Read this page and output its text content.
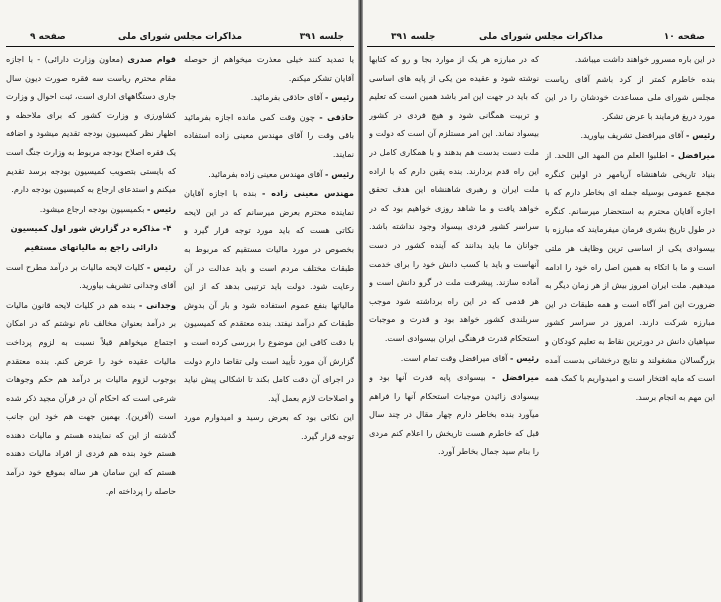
جلسه ۳۹۱
مذاکرات مجلس شورای ملی
صفحه ۹

یا تمدید کنند خیلی معذرت میخواهم از حوصله آقایان تشکر میکنم.

رئیس - آقای حاذقی بفرمائید.

حاذقی - چون وقت کمی مانده اجازه بفرمائید باقی وقت را آقای مهندس معینی زاده استفاده نمایند.

رئیس - آقای مهندس معینی زاده بفرمائید.

مهندس معینی زاده - بنده با اجازه آقایان نماینده محترم بعرض میرسانم که در این لایحه نکاتی هست که باید مورد توجه قرار گیرد و بخصوص در مورد مالیات مستقیم که مربوط به طبقات مختلف مردم است و باید عدالت در آن رعایت شود. دولت باید ترتیبی بدهد که از این مالیاتها بنفع عموم استفاده شود و بار آن بدوش طبقات کم درآمد نیفتد. بنده معتقدم که کمیسیون با دقت کافی این موضوع را بررسی کرده است و گزارش آن مورد تأیید است ولی تقاضا دارم دولت در اجرای آن دقت کامل بکند تا اشکالی پیش نیاید و اصلاحات لازم بعمل آید.

این نکاتی بود که بعرض رسید و امیدوارم مورد توجه قرار گیرد.

قوام صدری (معاون وزارت دارائی) - با اجازه مقام محترم ریاست سه فقره صورت دیون سال جاری دستگاههای اداری است، ثبت احوال و وزارت کشاورزی و وزارت کشور که برای ملاحظه و اظهار نظر کمیسیون بودجه تقدیم میشود و اضافه یک فقره اصلاح بودجه مربوط به وزارت جنگ است که بایستی بتصویب کمیسیون بودجه برسد تقدیم میکنم و استدعای ارجاع به کمیسیون بودجه دارم.

رئیس - بکمیسیون بودجه ارجاع میشود.

۴- مذاکره در گزارش شور اول کمیسیون دارائی راجع به مالیاتهای مستقیم

رئیس - کلیات لایحه مالیات بر درآمد مطرح است آقای وجدانی تشریف بیاورید.

وجدانی - بنده هم در کلیات لایحه قانون مالیات بر درآمد بعنوان مخالف نام نوشتم که در امکان اجتماع میخواهم قبلاً نسبت به لزوم پرداخت مالیات عقیده خود را عرض کنم. بنده معتقدم بوجوب لزوم مالیات بر درآمد هم حکم وجوهات شرعی است که احکام آن در قرآن مجید ذکر شده است (آفرین). بهمین جهت هم خود این جانب گذشته از این که نماینده هستم و مالیات دهنده هستم خود بنده هم فردی از افراد مالیات دهنده هستم که این سامان هر ساله بموقع خود درآمد حاصله را پرداخته ام.

صفحه ۱۰
مذاکرات مجلس شورای ملی
جلسه ۳۹۱

در این باره مسرور خواهند داشت میباشد.

بنده خاطرم کمتر از کرد باشم آقای ریاست مجلس شورای ملی مساعدت خودشان را در این مورد دریغ فرمایند با عرض تشکر.

رئیس - آقای میرافضل تشریف بیاورید.

میرافضل - اطلبوا العلم من المهد الی اللحد. از بنیاد تاریخی شاهنشاه آریامهر در اولین کنگره مجمع عمومی بوسیله جمله ای بخاطر دارم که با اجازه آقایان محترم به استحضار میرسانم. کنگره در طول تاریخ بشری فرمان میفرمایند که مبارزه با بیسوادی یکی از اساسی ترین وظایف هر ملتی است و ما با اتکاء به همین اصل راه خود را ادامه میدهیم. ملت ایران امروز بیش از هر زمان دیگر به ضرورت این امر آگاه است و همه طبقات در این مبارزه شرکت دارند. امروز در سراسر کشور سپاهیان دانش در دورترین نقاط به تعلیم کودکان و بزرگسالان مشغولند و نتایج درخشانی بدست آمده است که مایه افتخار است و امیدواریم با کمک همه این مهم به انجام برسد.

که در مبارزه هر یک از موارد بجا و رو که کتابها نوشته شود و عقیده من یکی از پایه های اساسی که باید در جهت این امر باشد همین است که تعلیم و تربیت همگانی شود و هیچ فردی در کشور بیسواد نماند. این امر مستلزم آن است که دولت و ملت دست بدست هم بدهند و با همکاری کامل در این راه قدم بردارند. بنده یقین دارم که با اراده ملت ایران و رهبری شاهنشاه این هدف تحقق خواهد یافت و ما شاهد روزی خواهیم بود که در سراسر کشور فردی بیسواد وجود نداشته باشد. جوانان ما باید بدانند که آینده کشور در دست آنهاست و باید با کسب دانش خود را برای خدمت آماده سازند. پیشرفت ملت در گرو دانش است و هر قدمی که در این راه برداشته شود موجب سربلندی کشور خواهد بود و قدرت و موجبات استحکام قدرت فرهنگی ایران بیسوادی است.

رئیس - آقای میرافضل وقت تمام است.

میرافضل - بیسوادی پایه قدرت آنها بود و بیسوادی زائیدن موجبات استحکام آنها را فراهم میآورد بنده بخاطر دارم چهار مقال در چند سال قبل که خاطرم هست تاریخش را اعلام کنم مردی را بنام سید جمال بخاطر آورد.
